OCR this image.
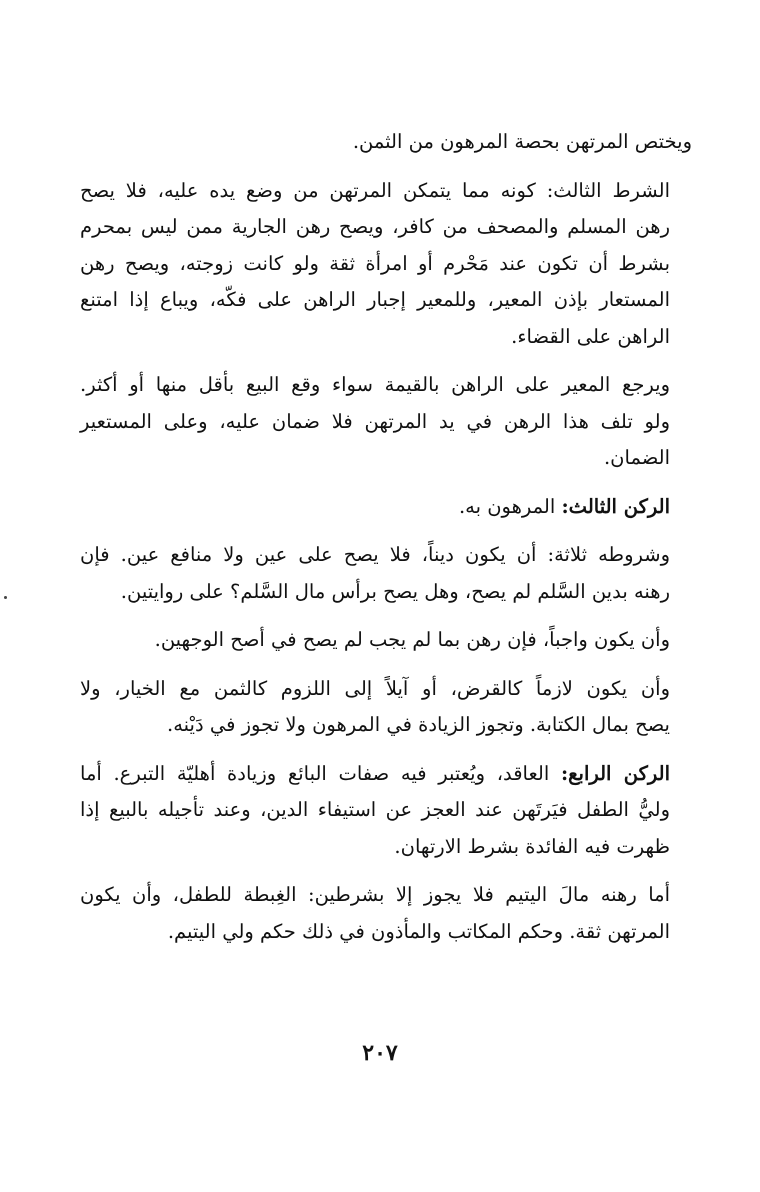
ويختص المرتهن بحصة المرهون من الثمن.

الشرط الثالث: كونه مما يتمكن المرتهن من وضع يده عليه، فلا يصح
رهن المسلم والمصحف من كافر، ويصح رهن الجارية ممن ليس بمحرم
بشرط أن تكون عند مَحْرم أو امرأة ثقة ولو كانت زوجته، ويصح رهن
المستعار بإذن المعير، وللمعير إجبار الراهن على فكّه، ويباع إذا امتنع
الراهن على القضاء.

ويرجع المعير على الراهن بالقيمة سواء وقع البيع بأقل منها أو أكثر.
ولو تلف هذا الرهن في يد المرتهن فلا ضمان عليه، وعلى المستعير
الضمان.

الركن الثالث: المرهون به.

وشروطه ثلاثة: أن يكون ديناً، فلا يصح على عين ولا منافع عين. فإن
رهنه بدين السَّلم لم يصح، وهل يصح برأس مال السَّلم؟ على روايتين.

وأن يكون واجباً، فإن رهن بما لم يجب لم يصح في أصح الوجهين.

وأن يكون لازماً كالقرض، أو آيلاً إلى اللزوم كالثمن مع الخيار، ولا
يصح بمال الكتابة. وتجوز الزيادة في المرهون ولا تجوز في دَيْنه.

الركن الرابع: العاقد، ويُعتبر فيه صفات البائع وزيادة أهليّة التبرع. أما
وليُّ الطفل فيَرتَهن عند العجز عن استيفاء الدين، وعند تأجيله بالبيع إذا
ظهرت فيه الفائدة بشرط الارتهان.

أما رهنه مالَ اليتيم فلا يجوز إلا بشرطين: الغِبطة للطفل، وأن يكون
المرتهن ثقة. وحكم المكاتب والمأذون في ذلك حكم ولي اليتيم.

٢٠٧
